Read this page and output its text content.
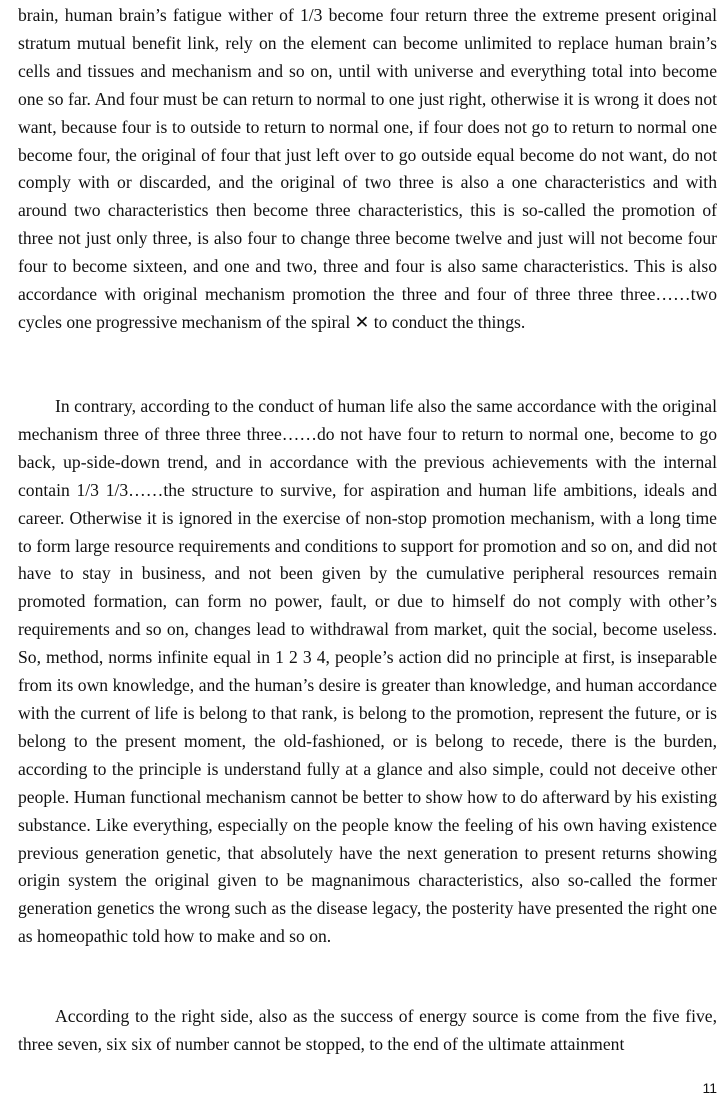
brain, human brain’s fatigue wither of 1/3 become four return three the extreme present original stratum mutual benefit link, rely on the element can become unlimited to replace human brain’s cells and tissues and mechanism and so on, until with universe and everything total into become one so far. And four must be can return to normal to one just right, otherwise it is wrong it does not want, because four is to outside to return to normal one, if four does not go to return to normal one become four, the original of four that just left over to go outside equal become do not want, do not comply with or discarded, and the original of two three is also a one characteristics and with around two characteristics then become three characteristics, this is so-called the promotion of three not just only three, is also four to change three become twelve and just will not become four four to become sixteen, and one and two, three and four is also same characteristics. This is also accordance with original mechanism promotion the three and four of three three three……two cycles one progressive mechanism of the spiral ✕ to conduct the things.

In contrary, according to the conduct of human life also the same accordance with the original mechanism three of three three three……do not have four to return to normal one, become to go back, up-side-down trend, and in accordance with the previous achievements with the internal contain 1/3 1/3……the structure to survive, for aspiration and human life ambitions, ideals and career. Otherwise it is ignored in the exercise of non-stop promotion mechanism, with a long time to form large resource requirements and conditions to support for promotion and so on, and did not have to stay in business, and not been given by the cumulative peripheral resources remain promoted formation, can form no power, fault, or due to himself do not comply with other’s requirements and so on, changes lead to withdrawal from market, quit the social, become useless. So, method, norms infinite equal in 1 2 3 4, people’s action did no principle at first, is inseparable from its own knowledge, and the human’s desire is greater than knowledge, and human accordance with the current of life is belong to that rank, is belong to the promotion, represent the future, or is belong to the present moment, the old-fashioned, or is belong to recede, there is the burden, according to the principle is understand fully at a glance and also simple, could not deceive other people. Human functional mechanism cannot be better to show how to do afterward by his existing substance. Like everything, especially on the people know the feeling of his own having existence previous generation genetic, that absolutely have the next generation to present returns showing origin system the original given to be magnanimous characteristics, also so-called the former generation genetics the wrong such as the disease legacy, the posterity have presented the right one as homeopathic told how to make and so on.

According to the right side, also as the success of energy source is come from the five five, three seven, six six of number cannot be stopped, to the end of the ultimate attainment

11
